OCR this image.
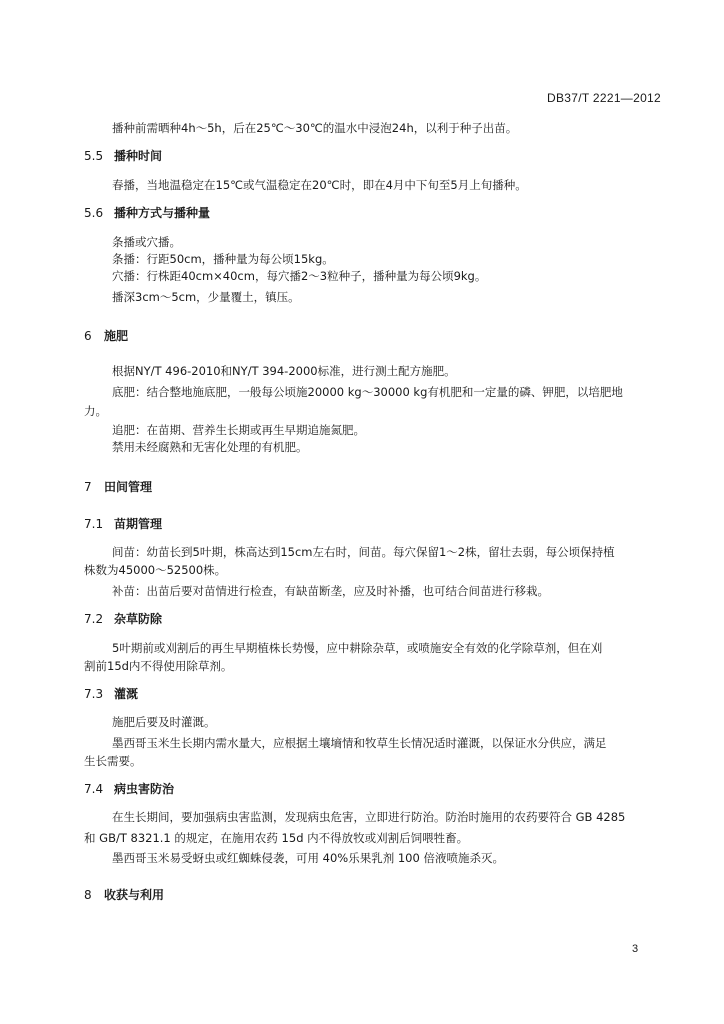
DB37/T 2221—2012
播种前需晒种4h～5h，后在25℃～30℃的温水中浸泡24h，以利于种子出苗。
5.5 播种时间
春播，当地温稳定在15℃或气温稳定在20℃时，即在4月中下旬至5月上旬播种。
5.6 播种方式与播种量
条播或穴播。
条播：行距50cm，播种量为每公顷15kg。
穴播：行株距40cm×40cm，每穴播2～3粒种子，播种量为每公顷9kg。
播深3cm～5cm，少量覆土，镇压。
6 施肥
根据NY/T 496-2010和NY/T 394-2000标准，进行测土配方施肥。
底肥：结合整地施底肥，一般每公顷施20000 kg～30000 kg有机肥和一定量的磷、钾肥，以培肥地
力。
追肥：在苗期、营养生长期或再生早期追施氮肥。
禁用未经腐熟和无害化处理的有机肥。
7 田间管理
7.1 苗期管理
间苗：幼苗长到5叶期，株高达到15cm左右时，间苗。每穴保留1～2株，留壮去弱，每公顷保持植
株数为45000～52500株。
补苗：出苗后要对苗情进行检查，有缺苗断垄，应及时补播，也可结合间苗进行移栽。
7.2 杂草防除
5叶期前或刈割后的再生早期植株长势慢，应中耕除杂草，或喷施安全有效的化学除草剂，但在刈
割前15d内不得使用除草剂。
7.3 灌溉
施肥后要及时灌溉。
墨西哥玉米生长期内需水量大，应根据土壤墒情和牧草生长情况适时灌溉，以保证水分供应，满足
生长需要。
7.4 病虫害防治
在生长期间，要加强病虫害监测，发现病虫危害，立即进行防治。防治时施用的农药要符合 GB 4285
和 GB/T 8321.1 的规定，在施用农药 15d 内不得放牧或刈割后饲喂牲畜。
墨西哥玉米易受蚜虫或红蜘蛛侵袭，可用 40%乐果乳剂 100 倍液喷施杀灭。
8 收获与利用
3
